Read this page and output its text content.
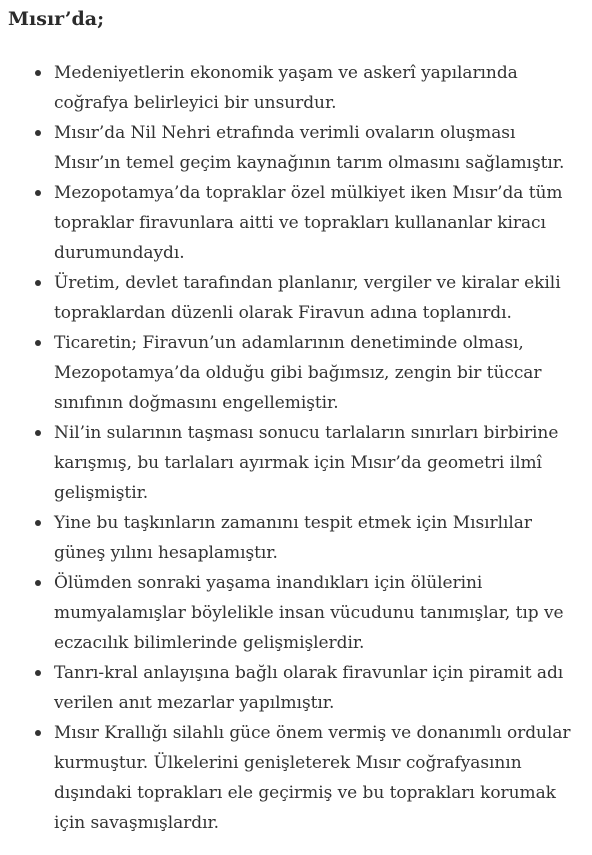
Mısır’da;
Medeniyetlerin ekonomik yaşam ve askerî yapılarında
coğrafya belirleyici bir unsurdur.
Mısır’da Nil Nehri etrafında verimli ovaların oluşması
Mısır’ın temel geçim kaynağının tarım olmasını sağlamıştır.
Mezopotamya’da topraklar özel mülkiyet iken Mısır’da tüm
topraklar firavunlara aitti ve toprakları kullananlar kiracı
durumundaydı.
Üretim, devlet tarafından planlanır, vergiler ve kiralar ekili
topraklardan düzenli olarak Firavun adına toplanırdı.
Ticaretin; Firavun’un adamlarının denetiminde olması,
Mezopotamya’da olduğu gibi bağımsız, zengin bir tüccar
sınıfının doğmasını engellemiştir.
Nil’in sularının taşması sonucu tarlaların sınırları birbirine
karışmış, bu tarlaları ayırmak için Mısır’da geometri ilmî
gelişmiştir.
Yine bu taşkınların zamanını tespit etmek için Mısırlılar
güneş yılını hesaplamıştır.
Ölümden sonraki yaşama inandıkları için ölülerini
mumyalamışlar böylelikle insan vücudunu tanımışlar, tıp ve
eczacılık bilimlerinde gelişmişlerdir.
Tanrı-kral anlayışına bağlı olarak firavunlar için piramit adı
verilen anıt mezarlar yapılmıştır.
Mısır Krallığı silahlı güce önem vermiş ve donanımlı ordular
kurmuştur. Ülkelerini genişleterek Mısır coğrafyasının
dışındaki toprakları ele geçirmiş ve bu toprakları korumak
için savaşmışlardır.
